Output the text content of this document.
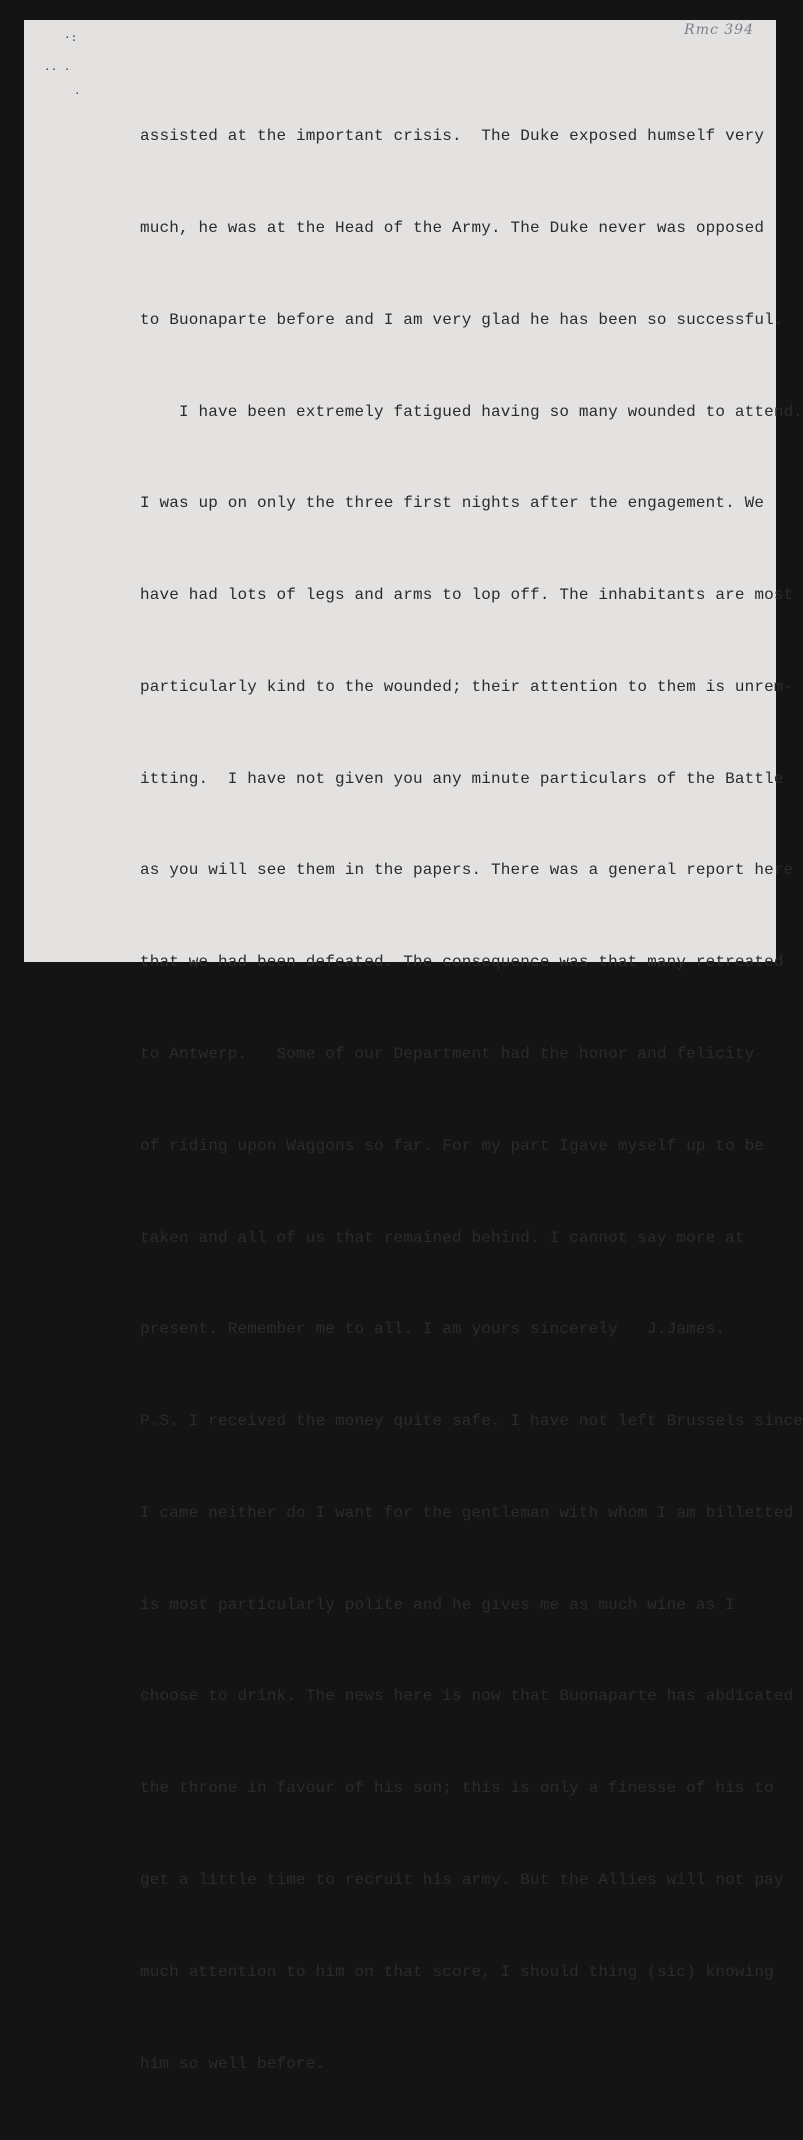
Rmc 394
·:
·· ·
·

assisted at the important crisis.  The Duke exposed humself very

much, he was at the Head of the Army. The Duke never was opposed

to Buonaparte before and I am very glad he has been so successful.

I have been extremely fatigued having so many wounded to attend.

I was up on only the three first nights after the engagement. We

have had lots of legs and arms to lop off. The inhabitants are most

particularly kind to the wounded; their attention to them is unrem-

itting.  I have not given you any minute particulars of the Battle

as you will see them in the papers. There was a general report here

that we had been defeated. The consequence was that many retreated

to Antwerp.   Some of our Department had the honor and felicity

of riding upon Waggons so far. For my part Igave myself up to be

taken and all of us that remained behind. I cannot say more at

present. Remember me to all. I am yours sincerely   J.James.

P.S. I received the money quite safe. I have not left Brussels since

I came neither do I want for the gentleman with whom I am billetted

is most particularly polite and he gives me as much wine as I

choose to drink. The news here is now that Buonaparte has abdicated

the throne in favour of his son; this is only a finesse of his to

get a little time to recruit his army. But the Allies will not pay

much attention to him on that score, I should thing (sic) knowing

him so well before.
